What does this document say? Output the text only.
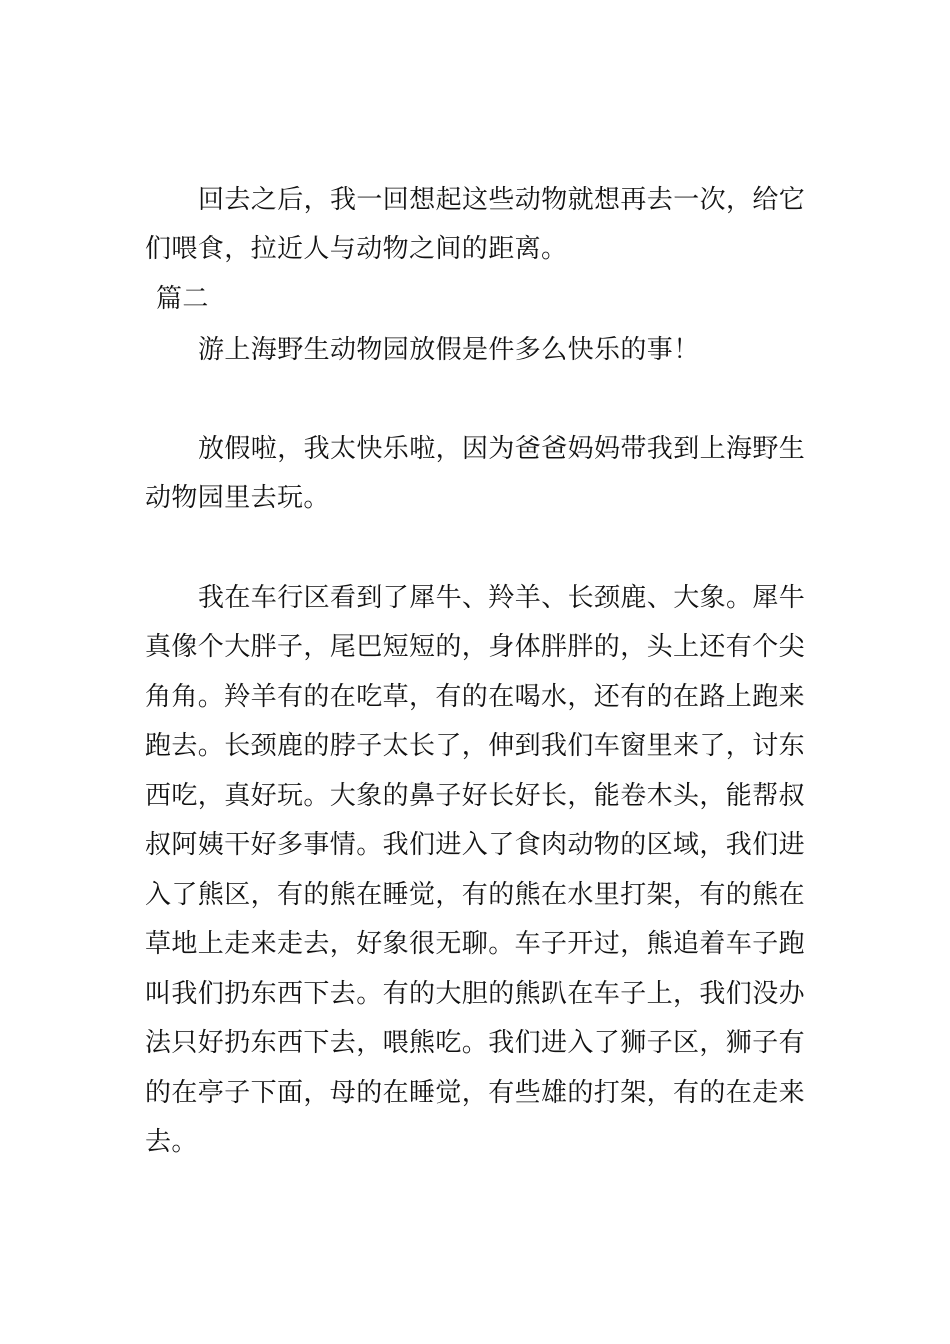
回去之后，我一回想起这些动物就想再去一次，给它
们喂食，拉近人与动物之间的距离。
篇二
游上海野生动物园放假是件多么快乐的事！
放假啦，我太快乐啦，因为爸爸妈妈带我到上海野生
动物园里去玩。
我在车行区看到了犀牛、羚羊、长颈鹿、大象。犀牛
真像个大胖子，尾巴短短的，身体胖胖的，头上还有个尖
角角。羚羊有的在吃草，有的在喝水，还有的在路上跑来
跑去。长颈鹿的脖子太长了，伸到我们车窗里来了，讨东
西吃，真好玩。大象的鼻子好长好长，能卷木头，能帮叔
叔阿姨干好多事情。我们进入了食肉动物的区域，我们进
入了熊区，有的熊在睡觉，有的熊在水里打架，有的熊在
草地上走来走去，好象很无聊。车子开过，熊追着车子跑
叫我们扔东西下去。有的大胆的熊趴在车子上，我们没办
法只好扔东西下去，喂熊吃。我们进入了狮子区，狮子有
的在亭子下面，母的在睡觉，有些雄的打架，有的在走来
去。
